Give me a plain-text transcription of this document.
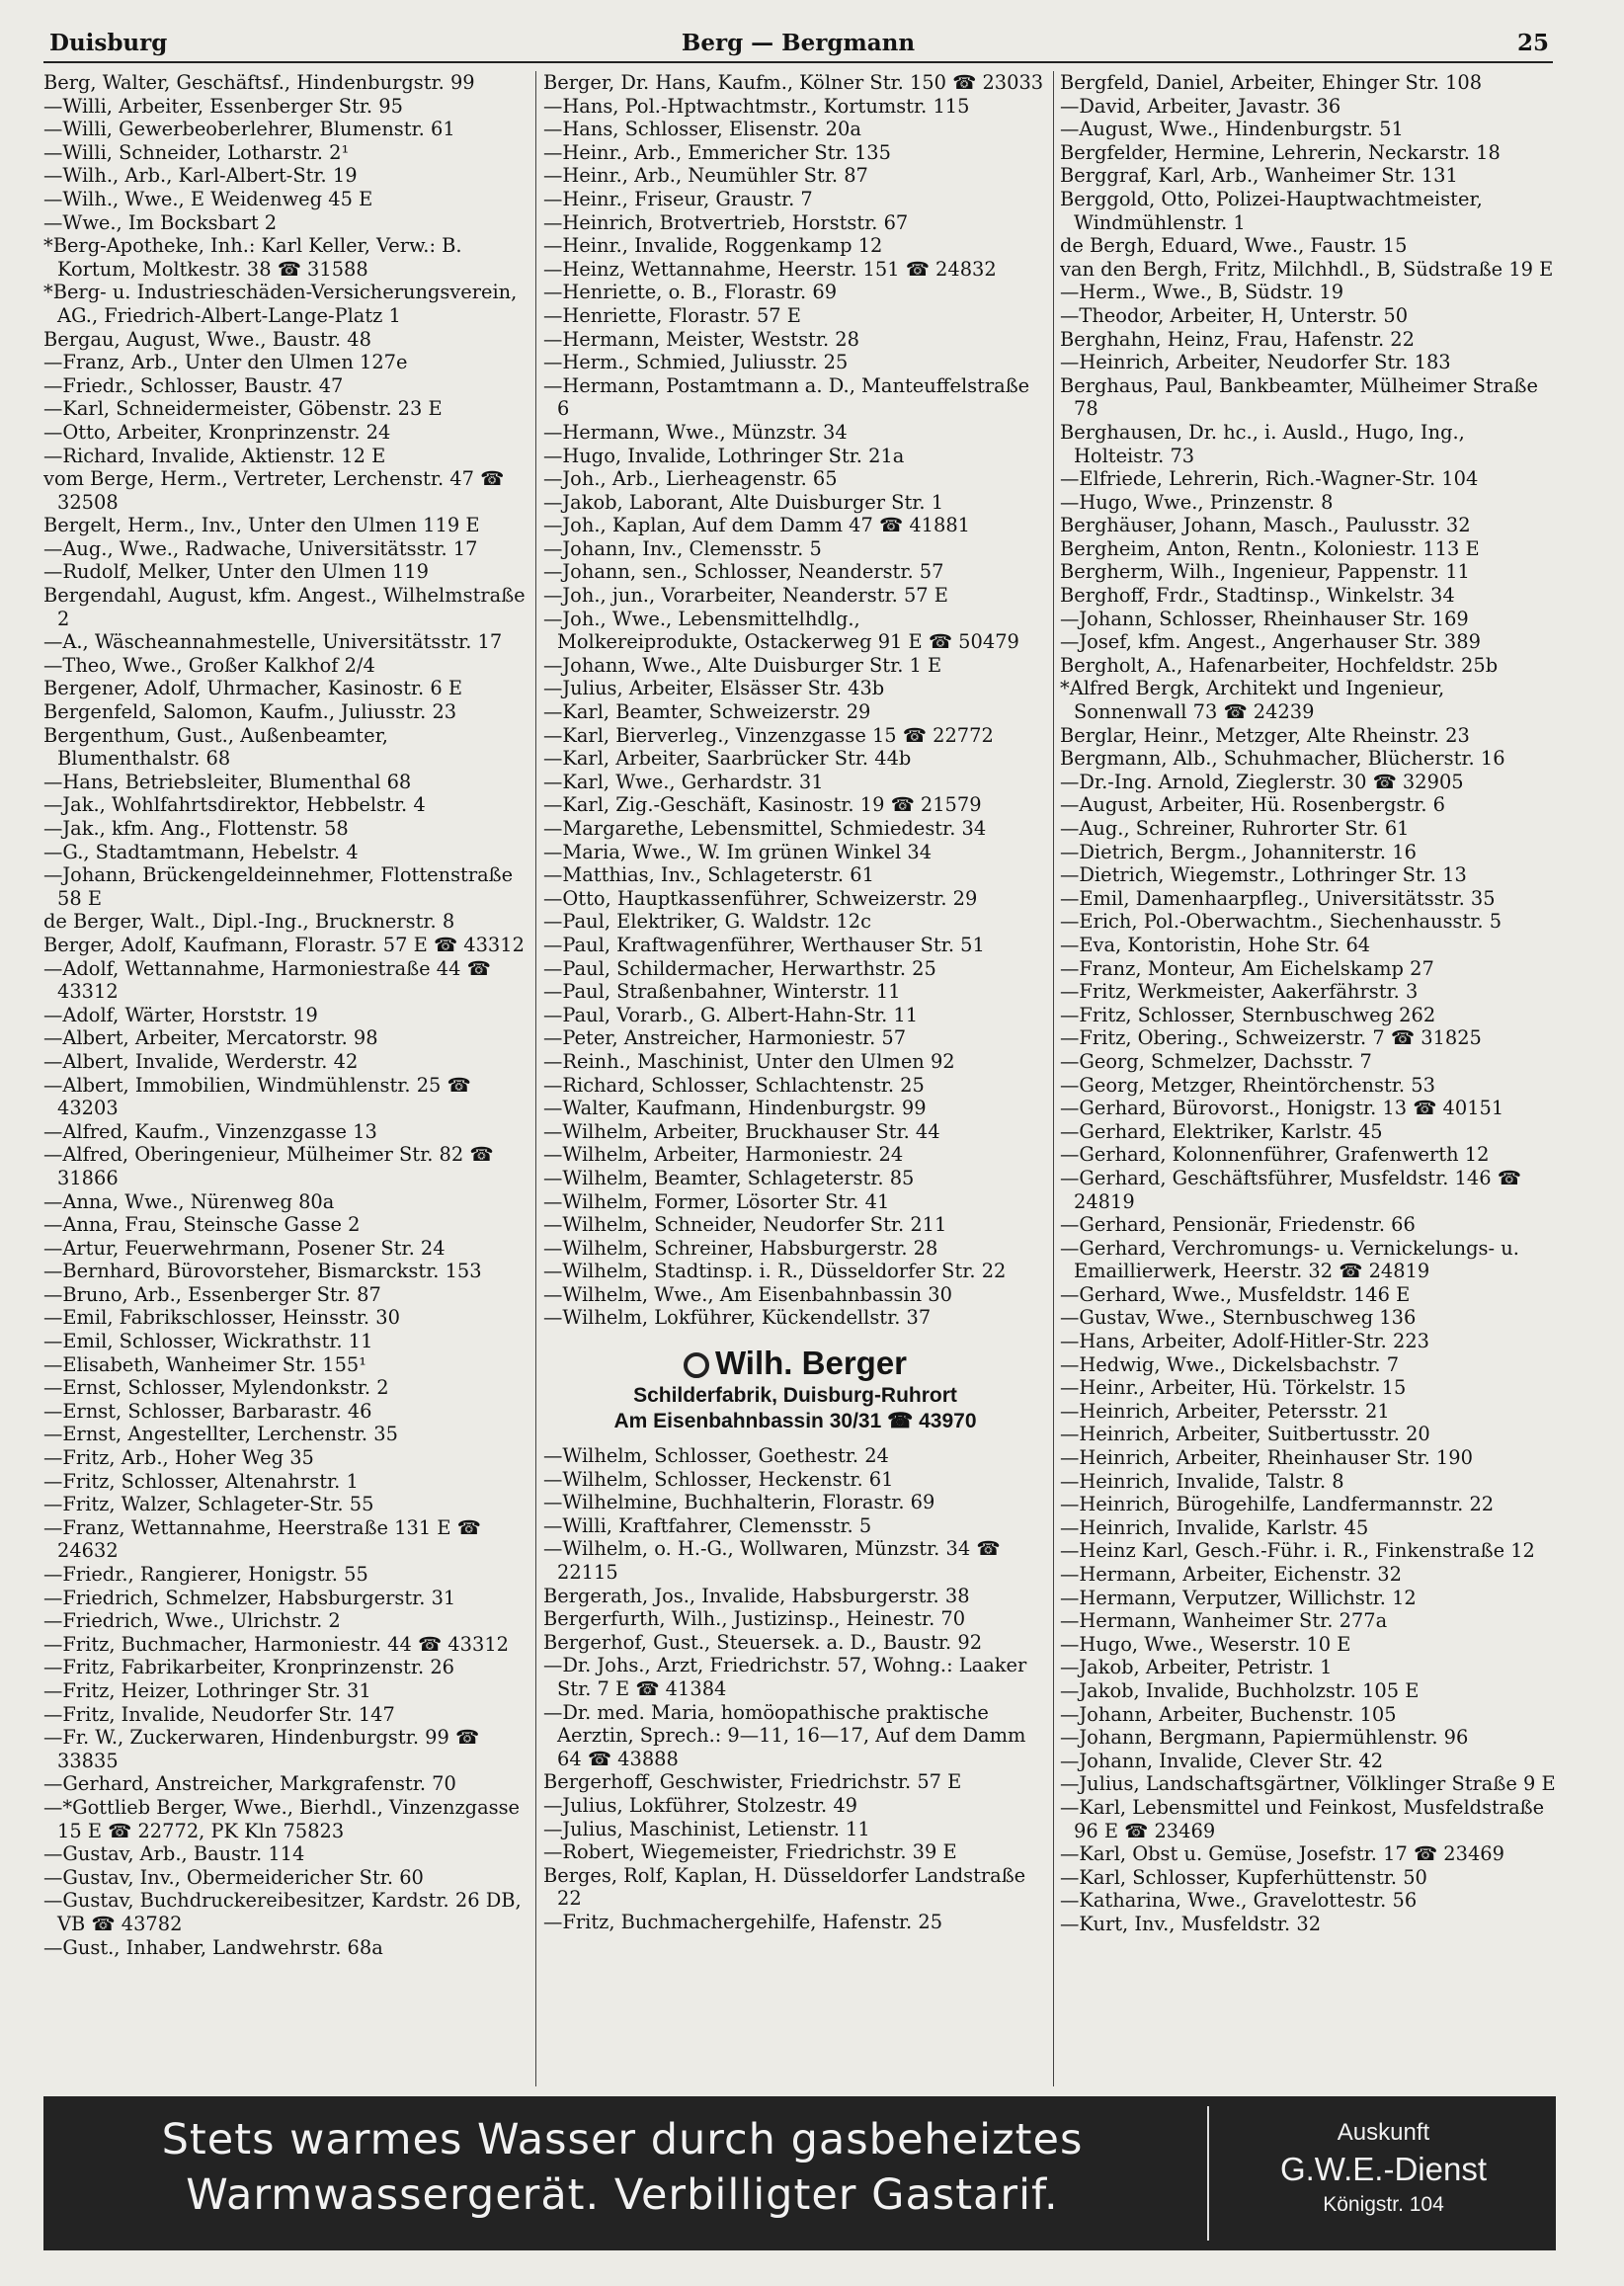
Duisburg	Berg — Bergmann	25

Berg, Walter, Geschäftsf., Hindenburgstr. 99

—Willi, Arbeiter, Essenberger Str. 95

—Willi, Gewerbeoberlehrer, Blumenstr. 61

—Willi, Schneider, Lotharstr. 2¹

—Wilh., Arb., Karl-Albert-Str. 19

—Wilh., Wwe., E Weidenweg 45 E

—Wwe., Im Bocksbart 2

*Berg-Apotheke, Inh.: Karl Keller, Verw.: B. Kortum, Moltkestr. 38 ☎ 31588

*Berg- u. Industrieschäden-Versicherungsverein, AG., Friedrich-Albert-Lange-Platz 1

Bergau, August, Wwe., Baustr. 48

—Franz, Arb., Unter den Ulmen 127e

—Friedr., Schlosser, Baustr. 47

—Karl, Schneidermeister, Göbenstr. 23 E

—Otto, Arbeiter, Kronprinzenstr. 24

—Richard, Invalide, Aktienstr. 12 E

vom Berge, Herm., Vertreter, Lerchenstr. 47 ☎ 32508

Bergelt, Herm., Inv., Unter den Ulmen 119 E

—Aug., Wwe., Radwache, Universitätsstr. 17

—Rudolf, Melker, Unter den Ulmen 119

Bergendahl, August, kfm. Angest., Wilhelmstraße 2

—A., Wäscheannahmestelle, Universitätsstr. 17

—Theo, Wwe., Großer Kalkhof 2/4

Bergener, Adolf, Uhrmacher, Kasinostr. 6 E

Bergenfeld, Salomon, Kaufm., Juliusstr. 23

Bergenthum, Gust., Außenbeamter, Blumenthalstr. 68

—Hans, Betriebsleiter, Blumenthal 68

—Jak., Wohlfahrtsdirektor, Hebbelstr. 4

—Jak., kfm. Ang., Flottenstr. 58

—G., Stadtamtmann, Hebelstr. 4

—Johann, Brückengeldeinnehmer, Flottenstraße 58 E

de Berger, Walt., Dipl.-Ing., Brucknerstr. 8

Berger, Adolf, Kaufmann, Florastr. 57 E ☎ 43312

—Adolf, Wettannahme, Harmoniestraße 44 ☎ 43312

—Adolf, Wärter, Horststr. 19

—Albert, Arbeiter, Mercatorstr. 98

—Albert, Invalide, Werderstr. 42

—Albert, Immobilien, Windmühlenstr. 25 ☎ 43203

—Alfred, Kaufm., Vinzenzgasse 13

—Alfred, Oberingenieur, Mülheimer Str. 82 ☎ 31866

—Anna, Wwe., Nürenweg 80a

—Anna, Frau, Steinsche Gasse 2

—Artur, Feuerwehrmann, Posener Str. 24

—Bernhard, Bürovorsteher, Bismarckstr. 153

—Bruno, Arb., Essenberger Str. 87

—Emil, Fabrikschlosser, Heinsstr. 30

—Emil, Schlosser, Wickrathstr. 11

—Elisabeth, Wanheimer Str. 155¹

—Ernst, Schlosser, Mylendonkstr. 2

—Ernst, Schlosser, Barbarastr. 46

—Ernst, Angestellter, Lerchenstr. 35

—Fritz, Arb., Hoher Weg 35

—Fritz, Schlosser, Altenahrstr. 1

—Fritz, Walzer, Schlageter-Str. 55

—Franz, Wettannahme, Heerstraße 131 E ☎ 24632

—Friedr., Rangierer, Honigstr. 55

—Friedrich, Schmelzer, Habsburgerstr. 31

—Friedrich, Wwe., Ulrichstr. 2

—Fritz, Buchmacher, Harmoniestr. 44 ☎ 43312

—Fritz, Fabrikarbeiter, Kronprinzenstr. 26

—Fritz, Heizer, Lothringer Str. 31

—Fritz, Invalide, Neudorfer Str. 147

—Fr. W., Zuckerwaren, Hindenburgstr. 99 ☎ 33835

—Gerhard, Anstreicher, Markgrafenstr. 70

—*Gottlieb Berger, Wwe., Bierhdl., Vinzenzgasse 15 E ☎ 22772, PK Kln 75823

—Gustav, Arb., Baustr. 114

—Gustav, Inv., Obermeidericher Str. 60

—Gustav, Buchdruckereibesitzer, Kardstr. 26 DB, VB ☎ 43782

—Gust., Inhaber, Landwehrstr. 68a

Berger, Dr. Hans, Kaufm., Kölner Str. 150 ☎ 23033

—Hans, Pol.-Hptwachtmstr., Kortumstr. 115

—Hans, Schlosser, Elisenstr. 20a

—Heinr., Arb., Emmericher Str. 135

—Heinr., Arb., Neumühler Str. 87

—Heinr., Friseur, Graustr. 7

—Heinrich, Brotvertrieb, Horststr. 67

—Heinr., Invalide, Roggenkamp 12

—Heinz, Wettannahme, Heerstr. 151 ☎ 24832

—Henriette, o. B., Florastr. 69

—Henriette, Florastr. 57 E

—Hermann, Meister, Weststr. 28

—Herm., Schmied, Juliusstr. 25

—Hermann, Postamtmann a. D., Manteuffelstraße 6

—Hermann, Wwe., Münzstr. 34

—Hugo, Invalide, Lothringer Str. 21a

—Joh., Arb., Lierheagenstr. 65

—Jakob, Laborant, Alte Duisburger Str. 1

—Joh., Kaplan, Auf dem Damm 47 ☎ 41881

—Johann, Inv., Clemensstr. 5

—Johann, sen., Schlosser, Neanderstr. 57

—Joh., jun., Vorarbeiter, Neanderstr. 57 E

—Joh., Wwe., Lebensmittelhdlg., Molkereiprodukte, Ostackerweg 91 E ☎ 50479

—Johann, Wwe., Alte Duisburger Str. 1 E

—Julius, Arbeiter, Elsässer Str. 43b

—Karl, Beamter, Schweizerstr. 29

—Karl, Bierverleg., Vinzenzgasse 15 ☎ 22772

—Karl, Arbeiter, Saarbrücker Str. 44b

—Karl, Wwe., Gerhardstr. 31

—Karl, Zig.-Geschäft, Kasinostr. 19 ☎ 21579

—Margarethe, Lebensmittel, Schmiedestr. 34

—Maria, Wwe., W. Im grünen Winkel 34

—Matthias, Inv., Schlageterstr. 61

—Otto, Hauptkassenführer, Schweizerstr. 29

—Paul, Elektriker, G. Waldstr. 12c

—Paul, Kraftwagenführer, Werthauser Str. 51

—Paul, Schildermacher, Herwarthstr. 25

—Paul, Straßenbahner, Winterstr. 11

—Paul, Vorarb., G. Albert-Hahn-Str. 11

—Peter, Anstreicher, Harmoniestr. 57

—Reinh., Maschinist, Unter den Ulmen 92

—Richard, Schlosser, Schlachtenstr. 25

—Walter, Kaufmann, Hindenburgstr. 99

—Wilhelm, Arbeiter, Bruckhauser Str. 44

—Wilhelm, Arbeiter, Harmoniestr. 24

—Wilhelm, Beamter, Schlageterstr. 85

—Wilhelm, Former, Lösorter Str. 41

—Wilhelm, Schneider, Neudorfer Str. 211

—Wilhelm, Schreiner, Habsburgerstr. 28

—Wilhelm, Stadtinsp. i. R., Düsseldorfer Str. 22

—Wilhelm, Wwe., Am Eisenbahnbassin 30

—Wilhelm, Lokführer, Kückendellstr. 37

Wilh. Berger
Schilderfabrik, Duisburg-Ruhrort
Am Eisenbahnbassin 30/31 ☎ 43970

—Wilhelm, Schlosser, Goethestr. 24

—Wilhelm, Schlosser, Heckenstr. 61

—Wilhelmine, Buchhalterin, Florastr. 69

—Willi, Kraftfahrer, Clemensstr. 5

—Wilhelm, o. H.-G., Wollwaren, Münzstr. 34 ☎ 22115

Bergerath, Jos., Invalide, Habsburgerstr. 38

Bergerfurth, Wilh., Justizinsp., Heinestr. 70

Bergerhof, Gust., Steuersek. a. D., Baustr. 92

—Dr. Johs., Arzt, Friedrichstr. 57, Wohng.: Laaker Str. 7 E ☎ 41384

—Dr. med. Maria, homöopathische praktische Aerztin, Sprech.: 9—11, 16—17, Auf dem Damm 64 ☎ 43888

Bergerhoff, Geschwister, Friedrichstr. 57 E

—Julius, Lokführer, Stolzestr. 49

—Julius, Maschinist, Letienstr. 11

—Robert, Wiegemeister, Friedrichstr. 39 E

Berges, Rolf, Kaplan, H. Düsseldorfer Landstraße 22

—Fritz, Buchmachergehilfe, Hafenstr. 25

Bergfeld, Daniel, Arbeiter, Ehinger Str. 108

—David, Arbeiter, Javastr. 36

—August, Wwe., Hindenburgstr. 51

Bergfelder, Hermine, Lehrerin, Neckarstr. 18

Berggraf, Karl, Arb., Wanheimer Str. 131

Berggold, Otto, Polizei-Hauptwachtmeister, Windmühlenstr. 1

de Bergh, Eduard, Wwe., Faustr. 15

van den Bergh, Fritz, Milchhdl., B, Südstraße 19 E

—Herm., Wwe., B, Südstr. 19

—Theodor, Arbeiter, H, Unterstr. 50

Berghahn, Heinz, Frau, Hafenstr. 22

—Heinrich, Arbeiter, Neudorfer Str. 183

Berghaus, Paul, Bankbeamter, Mülheimer Straße 78

Berghausen, Dr. hc., i. Ausld., Hugo, Ing., Holteistr. 73

—Elfriede, Lehrerin, Rich.-Wagner-Str. 104

—Hugo, Wwe., Prinzenstr. 8

Berghäuser, Johann, Masch., Paulusstr. 32

Bergheim, Anton, Rentn., Koloniestr. 113 E

Bergherm, Wilh., Ingenieur, Pappenstr. 11

Berghoff, Frdr., Stadtinsp., Winkelstr. 34

—Johann, Schlosser, Rheinhauser Str. 169

—Josef, kfm. Angest., Angerhauser Str. 389

Bergholt, A., Hafenarbeiter, Hochfeldstr. 25b

*Alfred Bergk, Architekt und Ingenieur, Sonnenwall 73 ☎ 24239

Berglar, Heinr., Metzger, Alte Rheinstr. 23

Bergmann, Alb., Schuhmacher, Blücherstr. 16

—Dr.-Ing. Arnold, Zieglerstr. 30 ☎ 32905

—August, Arbeiter, Hü. Rosenbergstr. 6

—Aug., Schreiner, Ruhrorter Str. 61

—Dietrich, Bergm., Johanniterstr. 16

—Dietrich, Wiegemstr., Lothringer Str. 13

—Emil, Damenhaarpfleg., Universitätsstr. 35

—Erich, Pol.-Oberwachtm., Siechenhausstr. 5

—Eva, Kontoristin, Hohe Str. 64

—Franz, Monteur, Am Eichelskamp 27

—Fritz, Werkmeister, Aakerfährstr. 3

—Fritz, Schlosser, Sternbuschweg 262

—Fritz, Obering., Schweizerstr. 7 ☎ 31825

—Georg, Schmelzer, Dachsstr. 7

—Georg, Metzger, Rheintörchenstr. 53

—Gerhard, Bürovorst., Honigstr. 13 ☎ 40151

—Gerhard, Elektriker, Karlstr. 45

—Gerhard, Kolonnenführer, Grafenwerth 12

—Gerhard, Geschäftsführer, Musfeldstr. 146 ☎ 24819

—Gerhard, Pensionär, Friedenstr. 66

—Gerhard, Verchromungs- u. Vernickelungs- u. Emaillierwerk, Heerstr. 32 ☎ 24819

—Gerhard, Wwe., Musfeldstr. 146 E

—Gustav, Wwe., Sternbuschweg 136

—Hans, Arbeiter, Adolf-Hitler-Str. 223

—Hedwig, Wwe., Dickelsbachstr. 7

—Heinr., Arbeiter, Hü. Törkelstr. 15

—Heinrich, Arbeiter, Petersstr. 21

—Heinrich, Arbeiter, Suitbertusstr. 20

—Heinrich, Arbeiter, Rheinhauser Str. 190

—Heinrich, Invalide, Talstr. 8

—Heinrich, Bürogehilfe, Landfermannstr. 22

—Heinrich, Invalide, Karlstr. 45

—Heinz Karl, Gesch.-Führ. i. R., Finkenstraße 12

—Hermann, Arbeiter, Eichenstr. 32

—Hermann, Verputzer, Willichstr. 12

—Hermann, Wanheimer Str. 277a

—Hugo, Wwe., Weserstr. 10 E

—Jakob, Arbeiter, Petristr. 1

—Jakob, Invalide, Buchholzstr. 105 E

—Johann, Arbeiter, Buchenstr. 105

—Johann, Bergmann, Papiermühlenstr. 96

—Johann, Invalide, Clever Str. 42

—Julius, Landschaftsgärtner, Völklinger Straße 9 E

—Karl, Lebensmittel und Feinkost, Musfeldstraße 96 E ☎ 23469

—Karl, Obst u. Gemüse, Josefstr. 17 ☎ 23469

—Karl, Schlosser, Kupferhüttenstr. 50

—Katharina, Wwe., Gravelottestr. 56

—Kurt, Inv., Musfeldstr. 32

Stets warmes Wasser durch gasbeheiztes
Warmwassergerät. Verbilligter Gastarif.
Auskunft
G.W.E.-Dienst
Königstr. 104
